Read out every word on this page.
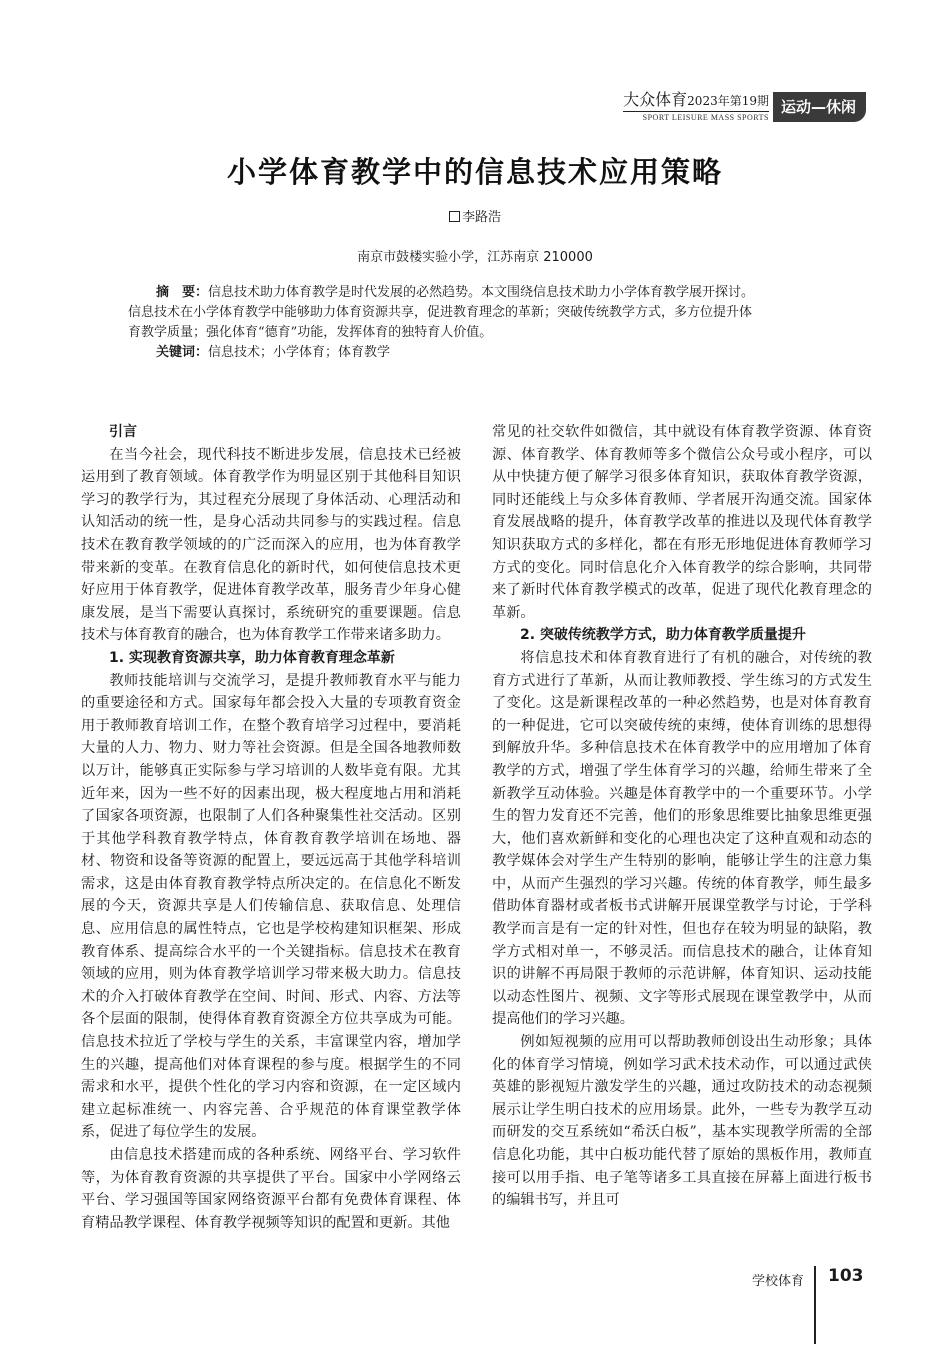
大众体育2023年第19期
SPORT LEISURE MASS SPORTS
运动—休闲
小学体育教学中的信息技术应用策略
李路浩
南京市鼓楼实验小学，江苏南京 210000
摘　要：信息技术助力体育教学是时代发展的必然趋势。本文围绕信息技术助力小学体育教学展开探讨。
信息技术在小学体育教学中能够助力体育资源共享，促进教育理念的革新；突破传统教学方式，多方位提升体
育教学质量；强化体育“德育”功能，发挥体育的独特育人价值。
关键词：信息技术；小学体育；体育教学
引言

在当今社会，现代科技不断进步发展，信息技术已经被运用到了教育领域。体育教学作为明显区别于其他科目知识学习的教学行为，其过程充分展现了身体活动、心理活动和认知活动的统一性，是身心活动共同参与的实践过程。信息技术在教育教学领域的的广泛而深入的应用，也为体育教学带来新的变革。在教育信息化的新时代，如何使信息技术更好应用于体育教学，促进体育教学改革，服务青少年身心健康发展，是当下需要认真探讨，系统研究的重要课题。信息技术与体育教育的融合，也为体育教学工作带来诸多助力。

1. 实现教育资源共享，助力体育教育理念革新

教师技能培训与交流学习，是提升教师教育水平与能力的重要途径和方式。国家每年都会投入大量的专项教育资金用于教师教育培训工作，在整个教育培学习过程中，要消耗大量的人力、物力、财力等社会资源。但是全国各地教师数以万计，能够真正实际参与学习培训的人数毕竟有限。尤其近年来，因为一些不好的因素出现，极大程度地占用和消耗了国家各项资源，也限制了人们各种聚集性社交活动。区别于其他学科教育教学特点，体育教育教学培训在场地、器材、物资和设备等资源的配置上，要远远高于其他学科培训需求，这是由体育教育教学特点所决定的。在信息化不断发展的今天，资源共享是人们传输信息、获取信息、处理信息、应用信息的属性特点，它也是学校构建知识框架、形成教育体系、提高综合水平的一个关键指标。信息技术在教育领域的应用，则为体育教学培训学习带来极大助力。信息技术的介入打破体育教学在空间、时间、形式、内容、方法等各个层面的限制，使得体育教育资源全方位共享成为可能。信息技术拉近了学校与学生的关系，丰富课堂内容，增加学生的兴趣，提高他们对体育课程的参与度。根据学生的不同需求和水平，提供个性化的学习内容和资源，在一定区域内建立起标准统一、内容完善、合乎规范的体育课堂教学体系，促进了每位学生的发展。

由信息技术搭建而成的各种系统、网络平台、学习软件等，为体育教育资源的共享提供了平台。国家中小学网络云平台、学习强国等国家网络资源平台都有免费体育课程、体育精品教学课程、体育教学视频等知识的配置和更新。其他

常见的社交软件如微信，其中就设有体育教学资源、体育资源、体育教学、体育教师等多个微信公众号或小程序，可以从中快捷方便了解学习很多体育知识，获取体育教学资源，同时还能线上与众多体育教师、学者展开沟通交流。国家体育发展战略的提升，体育教学改革的推进以及现代体育教学知识获取方式的多样化，都在有形无形地促进体育教师学习方式的变化。同时信息化介入体育教学的综合影响，共同带来了新时代体育教学模式的改革，促进了现代化教育理念的革新。

2. 突破传统教学方式，助力体育教学质量提升

将信息技术和体育教育进行了有机的融合，对传统的教育方式进行了革新，从而让教师教授、学生练习的方式发生了变化。这是新课程改革的一种必然趋势，也是对体育教育的一种促进，它可以突破传统的束缚，使体育训练的思想得到解放升华。多种信息技术在体育教学中的应用增加了体育教学的方式，增强了学生体育学习的兴趣，给师生带来了全新教学互动体验。兴趣是体育教学中的一个重要环节。小学生的智力发育还不完善，他们的形象思维要比抽象思维更强大，他们喜欢新鲜和变化的心理也决定了这种直观和动态的教学媒体会对学生产生特别的影响，能够让学生的注意力集中，从而产生强烈的学习兴趣。传统的体育教学，师生最多借助体育器材或者板书式讲解开展课堂教学与讨论，于学科教学而言是有一定的针对性，但也存在较为明显的缺陷，教学方式相对单一，不够灵活。而信息技术的融合，让体育知识的讲解不再局限于教师的示范讲解，体育知识、运动技能以动态性图片、视频、文字等形式展现在课堂教学中，从而提高他们的学习兴趣。

例如短视频的应用可以帮助教师创设出生动形象；具体化的体育学习情境，例如学习武术技术动作，可以通过武侠英雄的影视短片激发学生的兴趣，通过攻防技术的动态视频展示让学生明白技术的应用场景。此外，一些专为教学互动而研发的交互系统如“希沃白板”，基本实现教学所需的全部信息化功能，其中白板功能代替了原始的黑板作用，教师直接可以用手指、电子笔等诸多工具直接在屏幕上面进行板书的编辑书写，并且可

学校体育 103
